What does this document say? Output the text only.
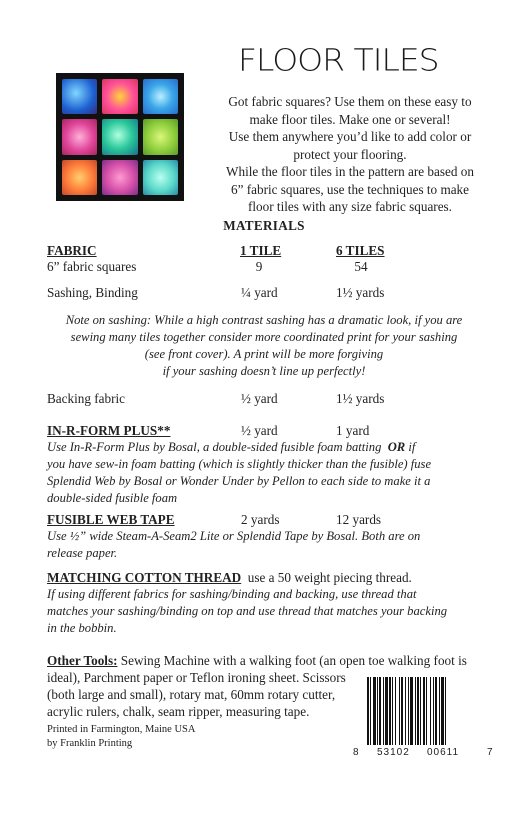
FLOOR TILES

Got fabric squares? Use them on these easy to

make floor tiles. Make one or several!

Use them anywhere you’d like to add color or

protect your flooring.

While the floor tiles in the pattern are based on

6” fabric squares, use the techniques to make

floor tiles with any size fabric squares.

MATERIALS
FABRIC	1 TILE	6 TILES
6” fabric squares	9	54
Sashing, Binding	¼ yard	1½ yards
Note on sashing: While a high contrast sashing has a dramatic look, if you are
sewing many tiles together consider more coordinated print for your sashing
(see front cover). A print will be more forgiving
if your sashing doesn’t line up perfectly!
Backing fabric	½ yard	1½ yards
IN-R-FORM PLUS**	½ yard	1 yard
Use In-R-Form Plus by Bosal, a double-sided fusible foam batting OR if
you have sew-in foam batting (which is slightly thicker than the fusible) fuse
Splendid Web by Bosal or Wonder Under by Pellon to each side to make it a
double-sided fusible foam
FUSIBLE WEB TAPE	2 yards	12 yards
Use ½” wide Steam-A-Seam2 Lite or Splendid Tape by Bosal. Both are on
release paper.
MATCHING COTTON THREAD use a 50 weight piecing thread.
If using different fabrics for sashing/binding and backing, use thread that
matches your sashing/binding on top and use thread that matches your backing
in the bobbin.
Other Tools: Sewing Machine with a walking foot (an open toe walking foot is
ideal), Parchment paper or Teflon ironing sheet. Scissors
(both large and small), rotary mat, 60mm rotary cutter,
acrylic rulers, chalk, seam ripper, measuring tape.
Printed in Farmington, Maine USA
by Franklin Printing
8 53102 00611	7
